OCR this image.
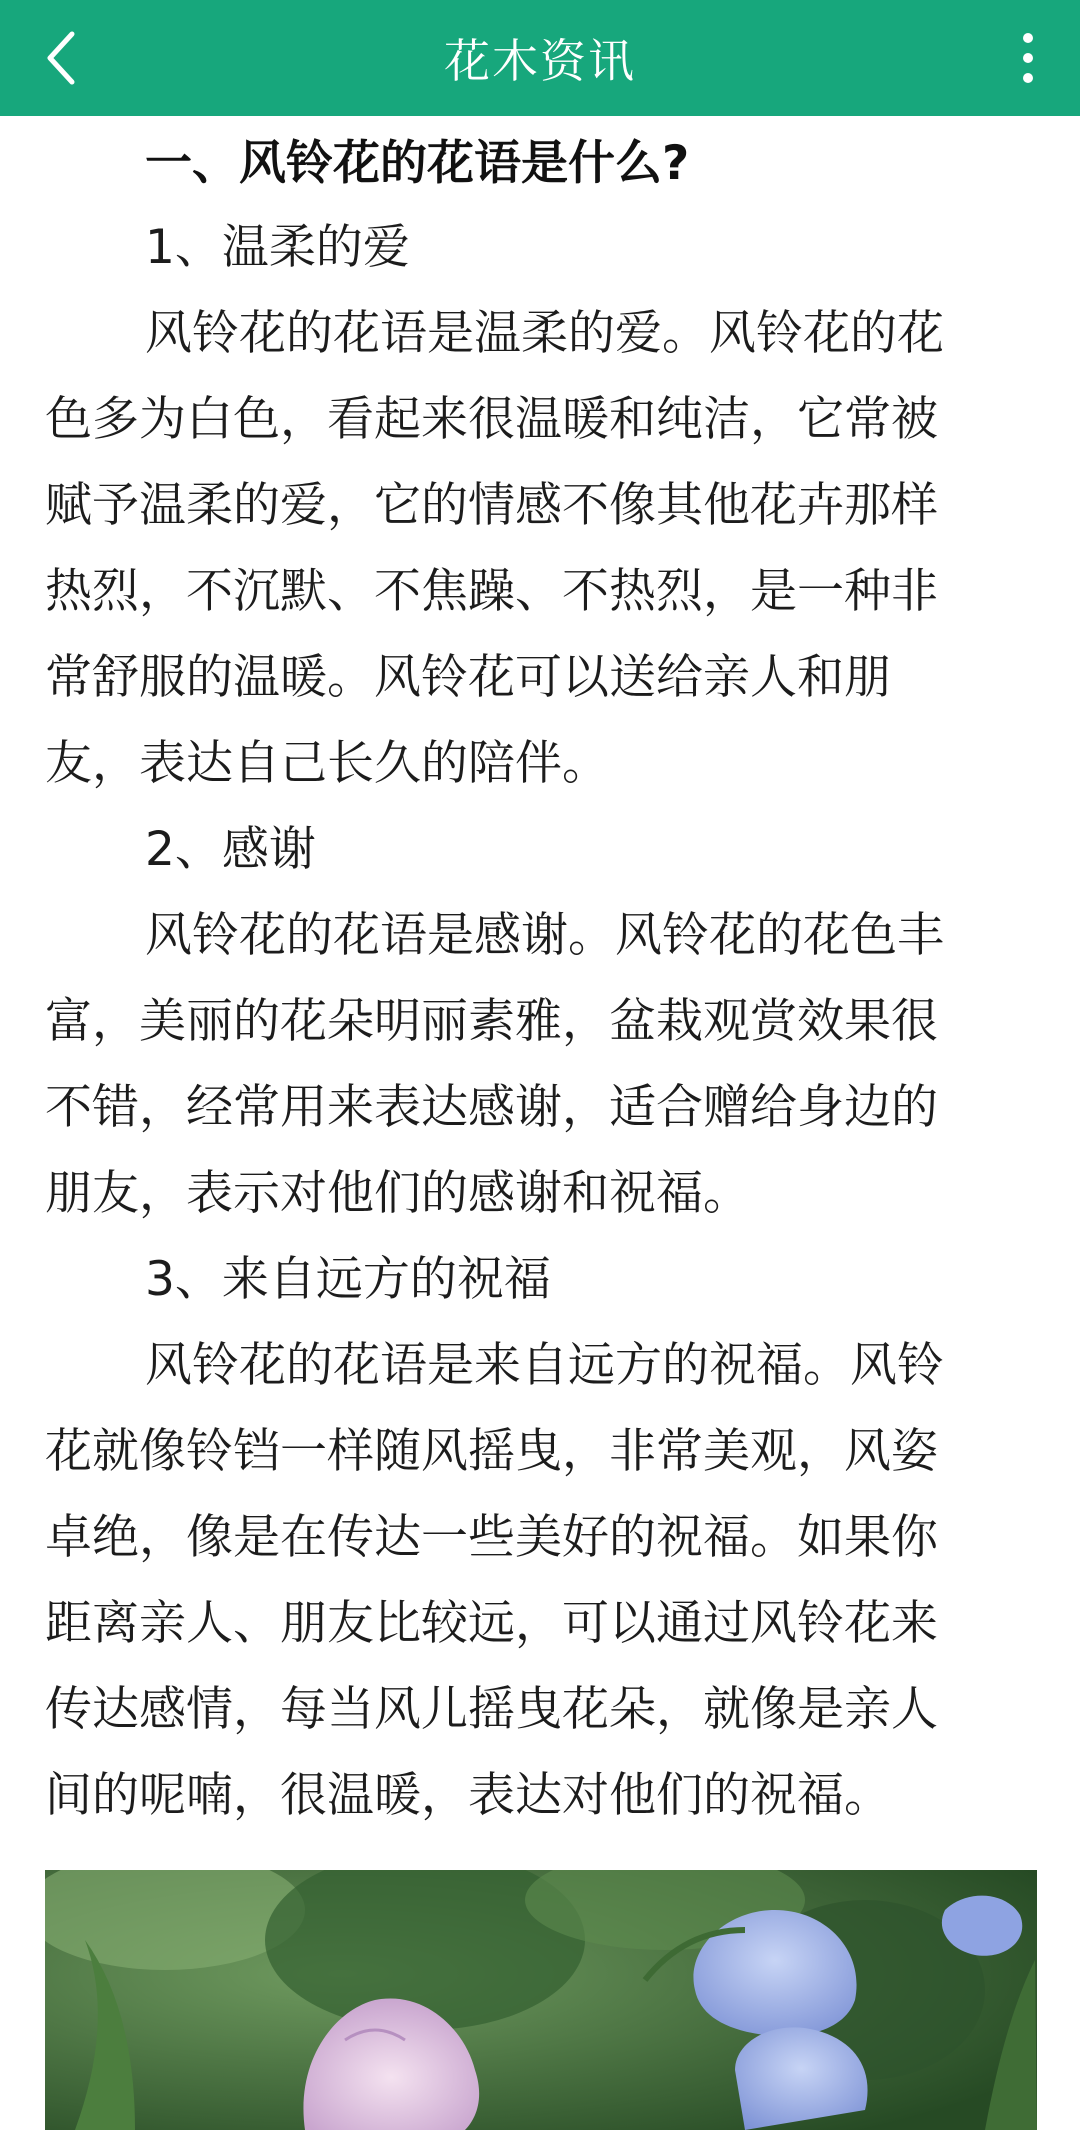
花木资讯
一、风铃花的花语是什么?
1、温柔的爱
风铃花的花语是温柔的爱。风铃花的花
色多为白色，看起来很温暖和纯洁，它常被
赋予温柔的爱，它的情感不像其他花卉那样
热烈，不沉默、不焦躁、不热烈，是一种非
常舒服的温暖。风铃花可以送给亲人和朋
友，表达自己长久的陪伴。
2、感谢
风铃花的花语是感谢。风铃花的花色丰
富，美丽的花朵明丽素雅，盆栽观赏效果很
不错，经常用来表达感谢，适合赠给身边的
朋友，表示对他们的感谢和祝福。
3、来自远方的祝福
风铃花的花语是来自远方的祝福。风铃
花就像铃铛一样随风摇曳，非常美观，风姿
卓绝，像是在传达一些美好的祝福。如果你
距离亲人、朋友比较远，可以通过风铃花来
传达感情，每当风儿摇曳花朵，就像是亲人
间的呢喃，很温暖，表达对他们的祝福。
